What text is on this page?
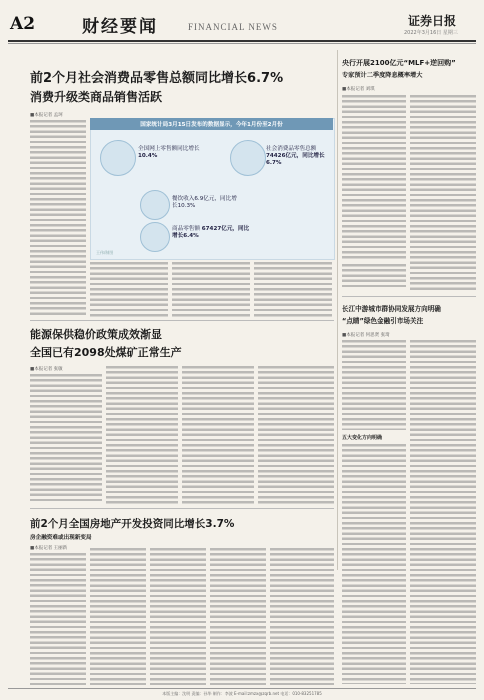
A2	财经要闻	FINANCIAL NEWS	证券日报
2022年3月16日 星期三
前2个月社会消费品零售总额同比增长6.7%
消费升级类商品销售活跃
■本报记者 孟珂
国家统计局3月15日发布的数据显示，今年1月份至2月份
全国网上零售额同比增长 10.4%
社会消费品零售总额 74426亿元，同比增长6.7%
餐饮收入6.9亿元，同比增长10.3%
商品零售额 67427亿元，同比增长6.4%
王伟/制图
央行开展2100亿元“MLF+逆回购”
专家预计二季度降息概率增大
■本报记者 刘琪
长江中游城市群协同发展方向明确
“点睛”绿色金融引市场关注
■本报记者 何思贤 张琦
五大变化方向明确
能源保供稳价政策成效渐显
全国已有2098处煤矿正常生产
■本报记者 张敏
前2个月全国房地产开发投资同比增长3.7%
房企融资难或出现新变局
■本报记者 王丽新
本版主编：沈明 责编：孙华 制作：李波 E-mail:zmzx@zqrb.net 电话：010-83251785
